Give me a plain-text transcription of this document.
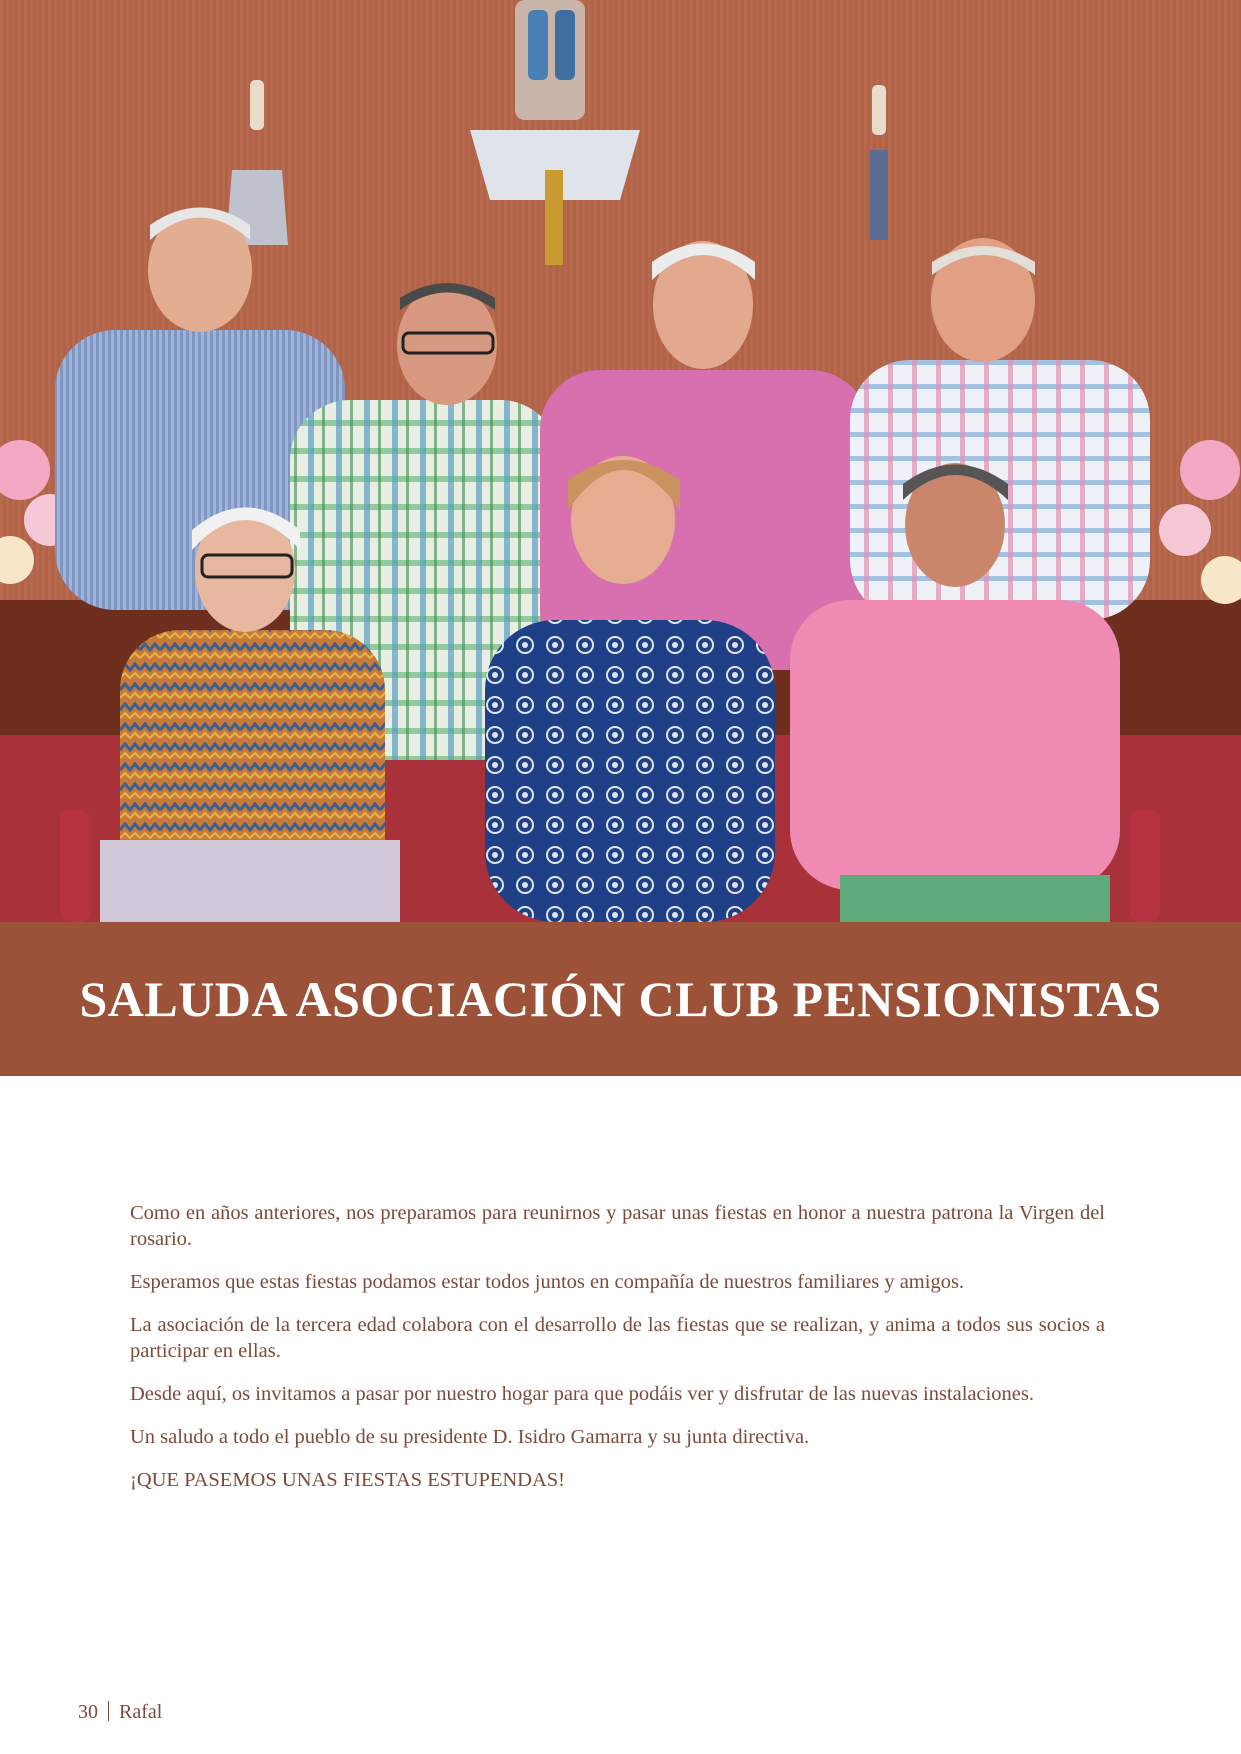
SALUDA ASOCIACIÓN CLUB PENSIONISTAS

Como en años anteriores, nos preparamos para reunirnos y pasar unas fiestas en honor a nuestra patrona la Virgen del rosario.

Esperamos que estas fiestas podamos estar todos juntos en compañía de nuestros familiares y amigos.

La asociación de la tercera edad colabora con el desarrollo de las fiestas que se realizan, y anima a todos sus socios a participar en ellas.

Desde aquí, os invitamos a pasar por nuestro hogar para que podáis ver y disfrutar de las nuevas instalaciones.

Un saludo a todo el pueblo de su presidente D. Isidro Gamarra y su junta directiva.

¡QUE PASEMOS UNAS FIESTAS ESTUPENDAS!

30 Rafal
